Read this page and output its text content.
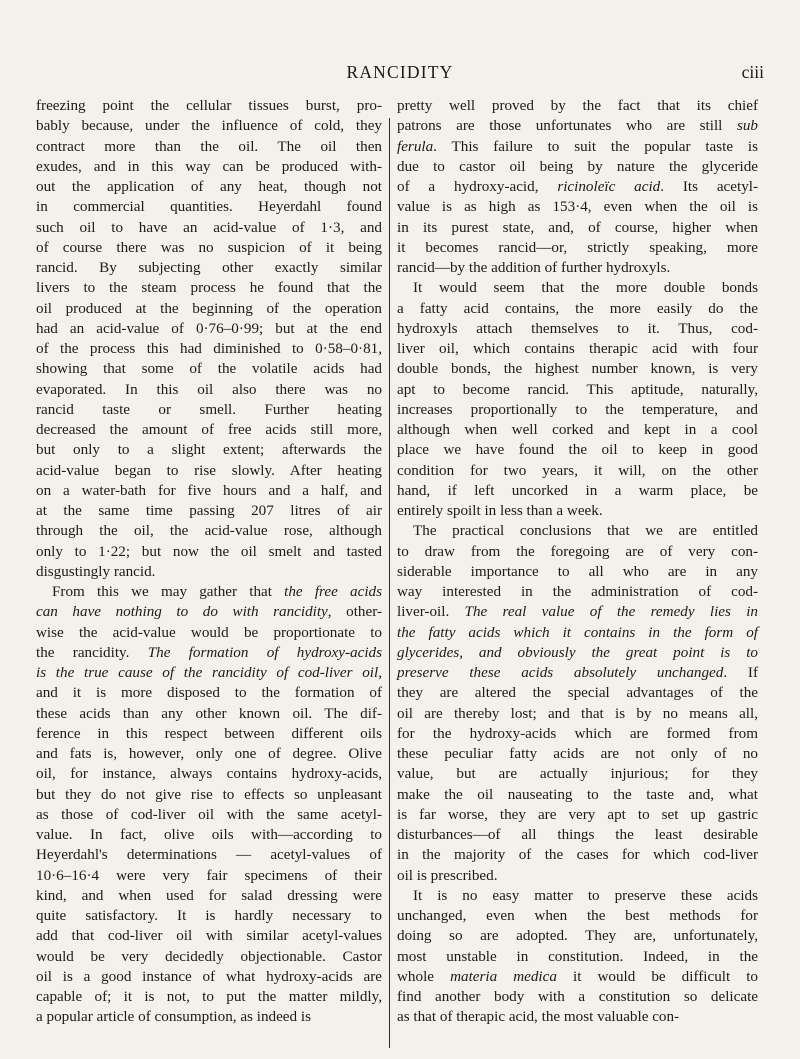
RANCIDITY	ciii
freezing point the cellular tissues burst, pro-
bably because, under the influence of cold, they
contract more than the oil. The oil then
exudes, and in this way can be produced with-
out the application of any heat, though not
in commercial quantities. Heyerdahl found
such oil to have an acid-value of 1·3, and
of course there was no suspicion of it being
rancid. By subjecting other exactly similar
livers to the steam process he found that the
oil produced at the beginning of the operation
had an acid-value of 0·76–0·99; but at the end
of the process this had diminished to 0·58–0·81,
showing that some of the volatile acids had
evaporated. In this oil also there was no
rancid taste or smell. Further heating
decreased the amount of free acids still more,
but only to a slight extent; afterwards the
acid-value began to rise slowly. After heating
on a water-bath for five hours and a half, and
at the same time passing 207 litres of air
through the oil, the acid-value rose, although
only to 1·22; but now the oil smelt and tasted
disgustingly rancid.
From this we may gather that the free acids
can have nothing to do with rancidity, other-
wise the acid-value would be proportionate to
the rancidity. The formation of hydroxy-acids
is the true cause of the rancidity of cod-liver oil,
and it is more disposed to the formation of
these acids than any other known oil. The dif-
ference in this respect between different oils
and fats is, however, only one of degree. Olive
oil, for instance, always contains hydroxy-acids,
but they do not give rise to effects so unpleasant
as those of cod-liver oil with the same acetyl-
value. In fact, olive oils with—according to
Heyerdahl's determinations — acetyl-values of
10·6–16·4 were very fair specimens of their
kind, and when used for salad dressing were
quite satisfactory. It is hardly necessary to
add that cod-liver oil with similar acetyl-values
would be very decidedly objectionable. Castor
oil is a good instance of what hydroxy-acids are
capable of; it is not, to put the matter mildly,
a popular article of consumption, as indeed is
pretty well proved by the fact that its chief
patrons are those unfortunates who are still sub
ferula. This failure to suit the popular taste is
due to castor oil being by nature the glyceride
of a hydroxy-acid, ricinoleïc acid. Its acetyl-
value is as high as 153·4, even when the oil is
in its purest state, and, of course, higher when
it becomes rancid—or, strictly speaking, more
rancid—by the addition of further hydroxyls.
It would seem that the more double bonds
a fatty acid contains, the more easily do the
hydroxyls attach themselves to it. Thus, cod-
liver oil, which contains therapic acid with four
double bonds, the highest number known, is very
apt to become rancid. This aptitude, naturally,
increases proportionally to the temperature, and
although when well corked and kept in a cool
place we have found the oil to keep in good
condition for two years, it will, on the other
hand, if left uncorked in a warm place, be
entirely spoilt in less than a week.
The practical conclusions that we are entitled
to draw from the foregoing are of very con-
siderable importance to all who are in any
way interested in the administration of cod-
liver-oil. The real value of the remedy lies in
the fatty acids which it contains in the form of
glycerides, and obviously the great point is to
preserve these acids absolutely unchanged. If
they are altered the special advantages of the
oil are thereby lost; and that is by no means all,
for the hydroxy-acids which are formed from
these peculiar fatty acids are not only of no
value, but are actually injurious; for they
make the oil nauseating to the taste and, what
is far worse, they are very apt to set up gastric
disturbances—of all things the least desirable
in the majority of the cases for which cod-liver
oil is prescribed.
It is no easy matter to preserve these acids
unchanged, even when the best methods for
doing so are adopted. They are, unfortunately,
most unstable in constitution. Indeed, in the
whole materia medica it would be difficult to
find another body with a constitution so delicate
as that of therapic acid, the most valuable con-
